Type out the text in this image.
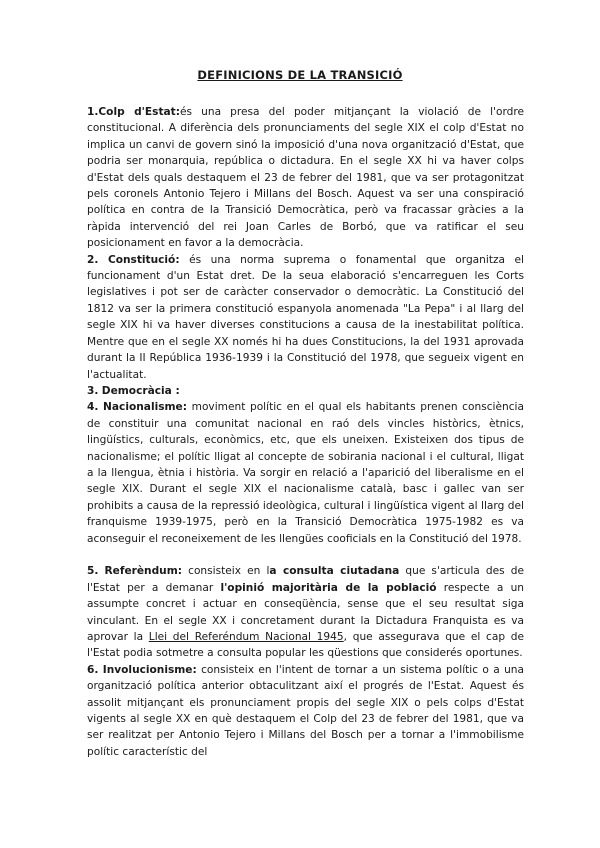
DEFINICIONS DE LA TRANSICIÓ

1.Colp d'Estat:és una presa del poder mitjançant la violació de l'ordre constitucional. A diferència dels pronunciaments del segle XIX el colp d'Estat no implica un canvi de govern sinó la imposició d'una nova organització d'Estat, que podria ser monarquia, república o dictadura. En el segle XX hi va haver colps d'Estat dels quals destaquem el 23 de febrer del 1981, que va ser protagonitzat pels coronels Antonio Tejero i Millans del Bosch. Aquest va ser una conspiració política en contra de la Transició Democràtica, però va fracassar gràcies a la ràpida intervenció del rei Joan Carles de Borbó, que va ratificar el seu posicionament en favor a la democràcia.

2. Constitució: és una norma suprema o fonamental que organitza el funcionament d'un Estat dret. De la seua elaboració s'encarreguen les Corts legislatives i pot ser de caràcter conservador o democràtic. La Constitució del 1812 va ser la primera constitució espanyola anomenada "La Pepa" i al llarg del segle XIX hi va haver diverses constitucions a causa de la inestabilitat política. Mentre que en el segle XX només hi ha dues Constitucions, la del 1931 aprovada durant la II República 1936-1939 i la Constitució del 1978, que segueix vigent en l'actualitat.

3. Democràcia :

4. Nacionalisme: moviment polític en el qual els habitants prenen consciència de constituir una comunitat nacional en raó dels vincles històrics, ètnics, lingüístics, culturals, econòmics, etc, que els uneixen. Existeixen dos tipus de nacionalisme; el polític lligat al concepte de sobirania nacional i el cultural, lligat a la llengua, ètnia i història. Va sorgir en relació a l'aparició del liberalisme en el segle XIX. Durant el segle XIX el nacionalisme català, basc i gallec van ser prohibits a causa de la repressió ideològica, cultural i lingüística vigent al llarg del franquisme 1939-1975, però en la Transició Democràtica 1975-1982 es va aconseguir el reconeixement de les llengües cooficials en la Constitució del 1978.

5. Referèndum: consisteix en la consulta ciutadana que s'articula des de l'Estat per a demanar l'opinió majoritària de la població respecte a un assumpte concret i actuar en conseqüència, sense que el seu resultat siga vinculant. En el segle XX i concretament durant la Dictadura Franquista es va aprovar la Llei del Referéndum Nacional 1945, que assegurava que el cap de l'Estat podia sotmetre a consulta popular les qüestions que considerés oportunes.

6. Involucionisme: consisteix en l'intent de tornar a un sistema polític o a una organització política anterior obtaculitzant així el progrés de l'Estat. Aquest és assolit mitjançant els pronunciament propis del segle XIX o pels colps d'Estat vigents al segle XX en què destaquem el Colp del 23 de febrer del 1981, que va ser realitzat per Antonio Tejero i Millans del Bosch per a tornar a l'immobilisme polític característic del
